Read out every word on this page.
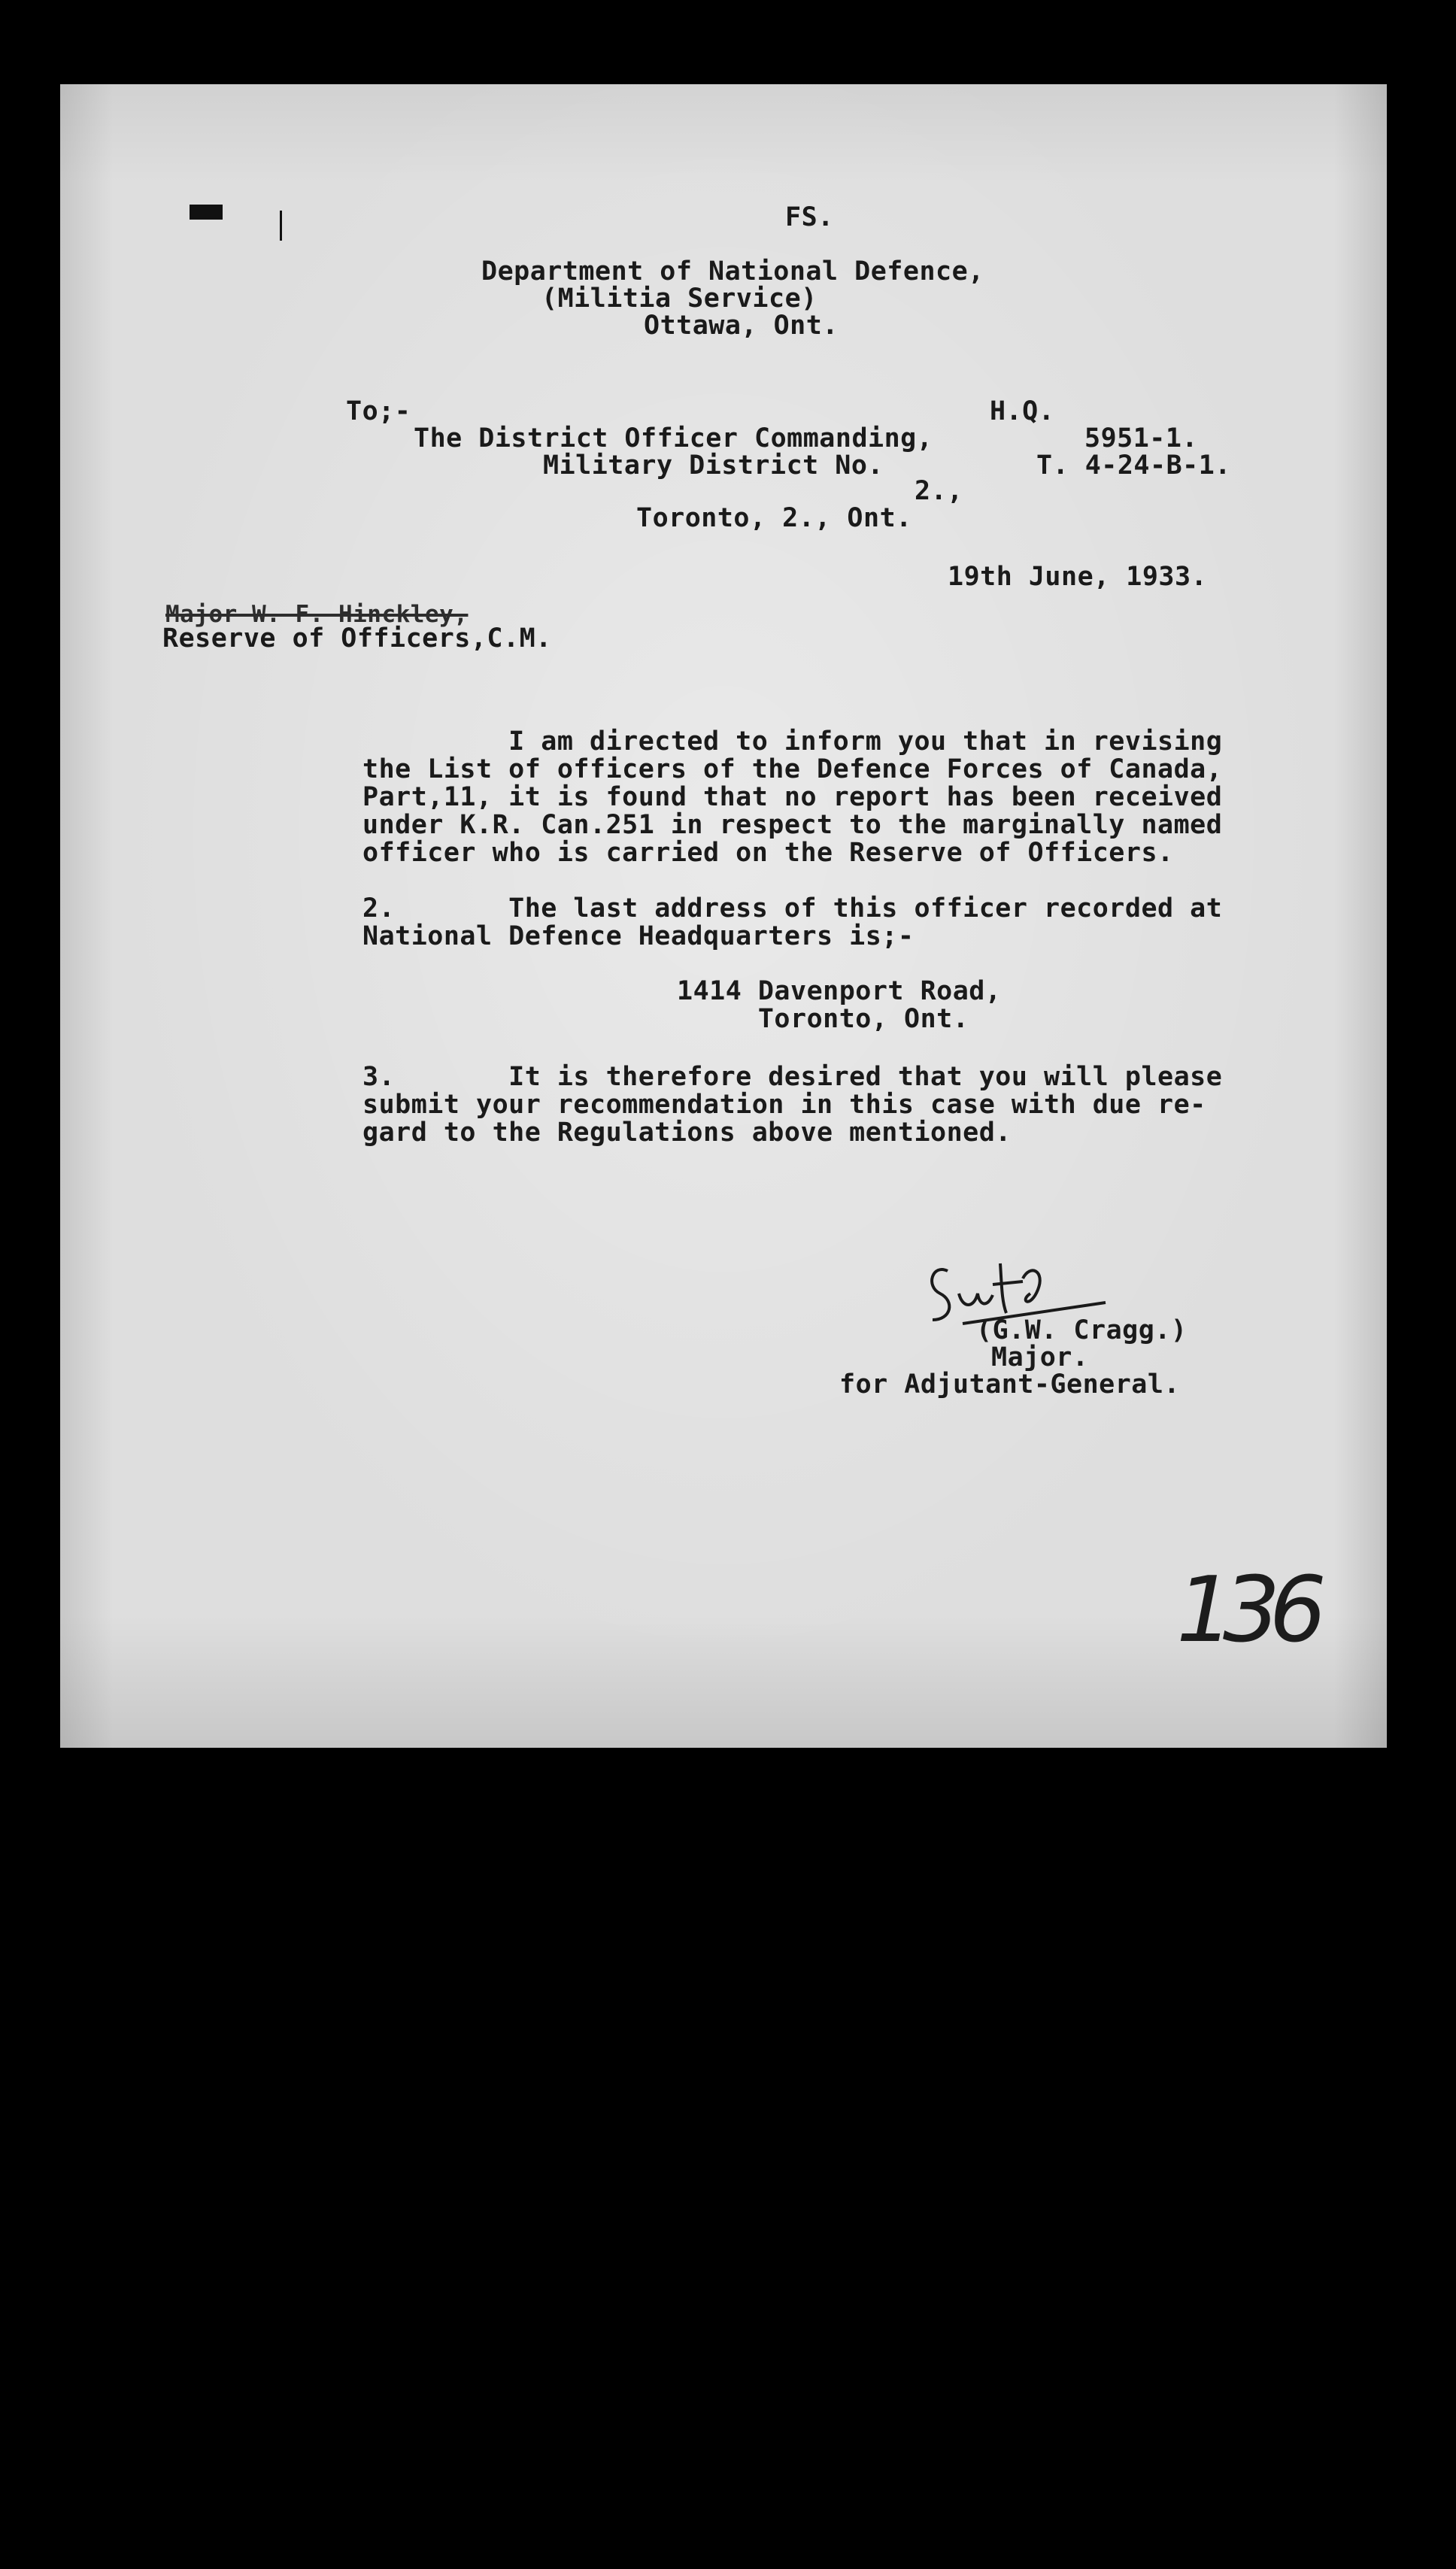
FS.
Department of National Defence,
(Militia Service)
Ottawa, Ont.
To;-
The District Officer Commanding,
Military District No.
2.,
Toronto, 2., Ont.
H.Q.
5951-1.
T. 4-24-B-1.
19th June, 1933.
Major W. F. Hinckley,
Reserve of Officers,C.M.
I am directed to inform you that in revising
the List of officers of the Defence Forces of Canada,
Part,11, it is found that no report has been received
under K.R. Can.251 in respect to the marginally named
officer who is carried on the Reserve of Officers.
2.       The last address of this officer recorded at
National Defence Headquarters is;-
1414 Davenport Road,
Toronto, Ont.
3.       It is therefore desired that you will please
submit your recommendation in this case with due re-
gard to the Regulations above mentioned.
(G.W. Cragg.)
Major.
for Adjutant-General.
136
